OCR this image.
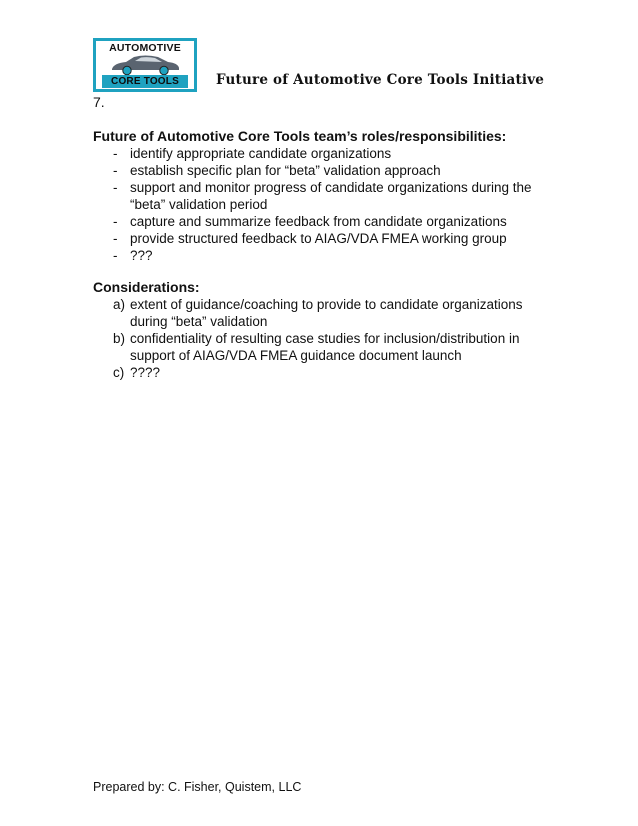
AUTOMOTIVE
CORE TOOLS	Future of Automotive Core Tools Initiative
7.
Future of Automotive Core Tools team’s roles/responsibilities:
- identify appropriate candidate organizations
- establish specific plan for “beta” validation approach
- support and monitor progress of candidate organizations during the “beta” validation period
- capture and summarize feedback from candidate organizations
- provide structured feedback to AIAG/VDA FMEA working group
- ???
Considerations:
a) extent of guidance/coaching to provide to candidate organizations during “beta” validation
b) confidentiality of resulting case studies for inclusion/distribution in support of AIAG/VDA FMEA guidance document launch
c) ????
Prepared by: C. Fisher, Quistem, LLC
